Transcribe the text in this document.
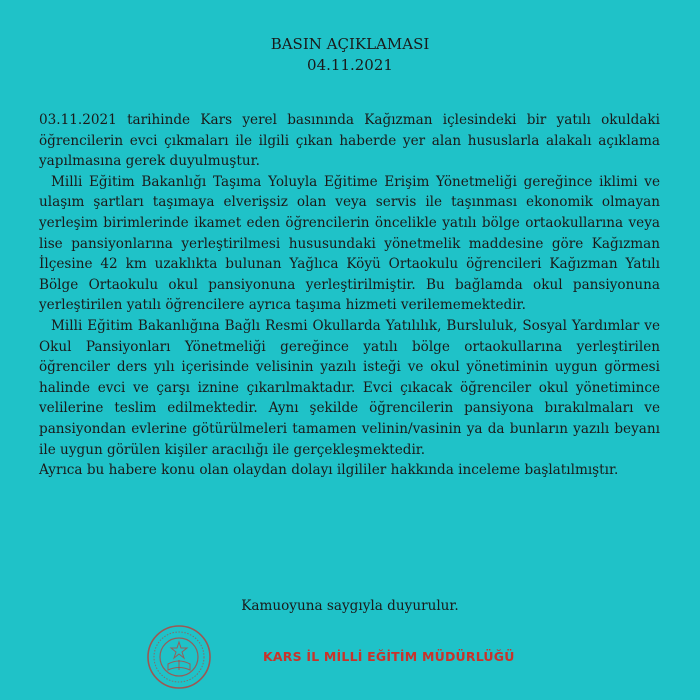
BASIN AÇIKLAMASI
04.11.2021

03.11.2021 tarihinde Kars yerel basınında Kağızman içlesindeki bir yatılı okuldaki öğrencilerin evci çıkmaları ile ilgili çıkan haberde yer alan hususlarla alakalı açıklama yapılmasına gerek duyulmuştur.

Milli Eğitim Bakanlığı Taşıma Yoluyla Eğitime Erişim Yönetmeliği gereğince iklimi ve ulaşım şartları taşımaya elverişsiz olan veya servis ile taşınması ekonomik olmayan yerleşim birimlerinde ikamet eden öğrencilerin öncelikle yatılı bölge ortaokullarına veya lise pansiyonlarına yerleştirilmesi hususundaki yönetmelik maddesine göre Kağızman İlçesine 42 km uzaklıkta bulunan Yağlıca Köyü Ortaokulu öğrencileri Kağızman Yatılı Bölge Ortaokulu okul pansiyonuna yerleştirilmiştir. Bu bağlamda okul pansiyonuna yerleştirilen yatılı öğrencilere ayrıca taşıma hizmeti verilememektedir.

Milli Eğitim Bakanlığına Bağlı Resmi Okullarda Yatılılık, Bursluluk, Sosyal Yardımlar ve Okul Pansiyonları Yönetmeliği gereğince yatılı bölge ortaokullarına yerleştirilen öğrenciler ders yılı içerisinde velisinin yazılı isteği ve okul yönetiminin uygun görmesi halinde evci ve çarşı iznine çıkarılmaktadır. Evci çıkacak öğrenciler okul yönetimince velilerine teslim edilmektedir. Aynı şekilde öğrencilerin pansiyona bırakılmaları ve pansiyondan evlerine götürülmeleri tamamen velinin/vasinin ya da bunların yazılı beyanı ile uygun görülen kişiler aracılığı ile gerçekleşmektedir.

Ayrıca bu habere konu olan olaydan dolayı ilgililer hakkında inceleme başlatılmıştır.

Kamuoyuna saygıyla duyurulur.
KARS İL MİLLİ EĞİTİM MÜDÜRLÜĞÜ
